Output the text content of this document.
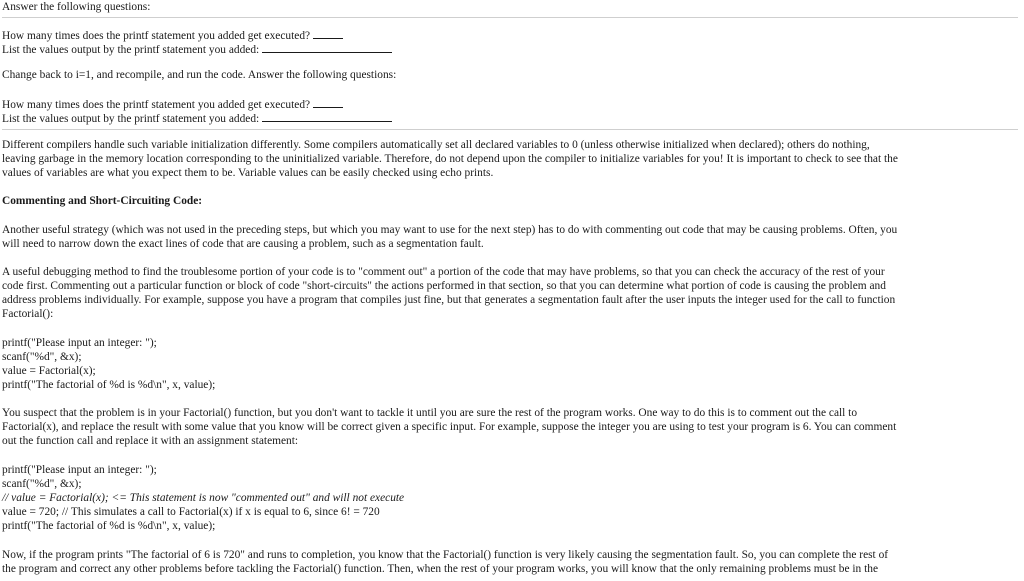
Answer the following questions:
How many times does the printf statement you added get executed?
List the values output by the printf statement you added:
Change back to i=1, and recompile, and run the code. Answer the following questions:
How many times does the printf statement you added get executed?
List the values output by the printf statement you added:
Different compilers handle such variable initialization differently. Some compilers automatically set all declared variables to 0 (unless otherwise initialized when declared); others do nothing,
leaving garbage in the memory location corresponding to the uninitialized variable. Therefore, do not depend upon the compiler to initialize variables for you! It is important to check to see that the
values of variables are what you expect them to be. Variable values can be easily checked using echo prints.
Commenting and Short-Circuiting Code:
Another useful strategy (which was not used in the preceding steps, but which you may want to use for the next step) has to do with commenting out code that may be causing problems. Often, you
will need to narrow down the exact lines of code that are causing a problem, such as a segmentation fault.
A useful debugging method to find the troublesome portion of your code is to "comment out" a portion of the code that may have problems, so that you can check the accuracy of the rest of your
code first. Commenting out a particular function or block of code "short-circuits" the actions performed in that section, so that you can determine what portion of code is causing the problem and
address problems individually. For example, suppose you have a program that compiles just fine, but that generates a segmentation fault after the user inputs the integer used for the call to function
Factorial():
printf("Please input an integer: ");
scanf("%d", &x);
value = Factorial(x);
printf("The factorial of %d is %d\n", x, value);
You suspect that the problem is in your Factorial() function, but you don't want to tackle it until you are sure the rest of the program works. One way to do this is to comment out the call to
Factorial(x), and replace the result with some value that you know will be correct given a specific input. For example, suppose the integer you are using to test your program is 6. You can comment
out the function call and replace it with an assignment statement:
printf("Please input an integer: ");
scanf("%d", &x);
// value = Factorial(x); <= This statement is now "commented out" and will not execute
value = 720; // This simulates a call to Factorial(x) if x is equal to 6, since 6! = 720
printf("The factorial of %d is %d\n", x, value);
Now, if the program prints "The factorial of 6 is 720" and runs to completion, you know that the Factorial() function is very likely causing the segmentation fault. So, you can complete the rest of
the program and correct any other problems before tackling the Factorial() function. Then, when the rest of your program works, you will know that the only remaining problems must be in the
